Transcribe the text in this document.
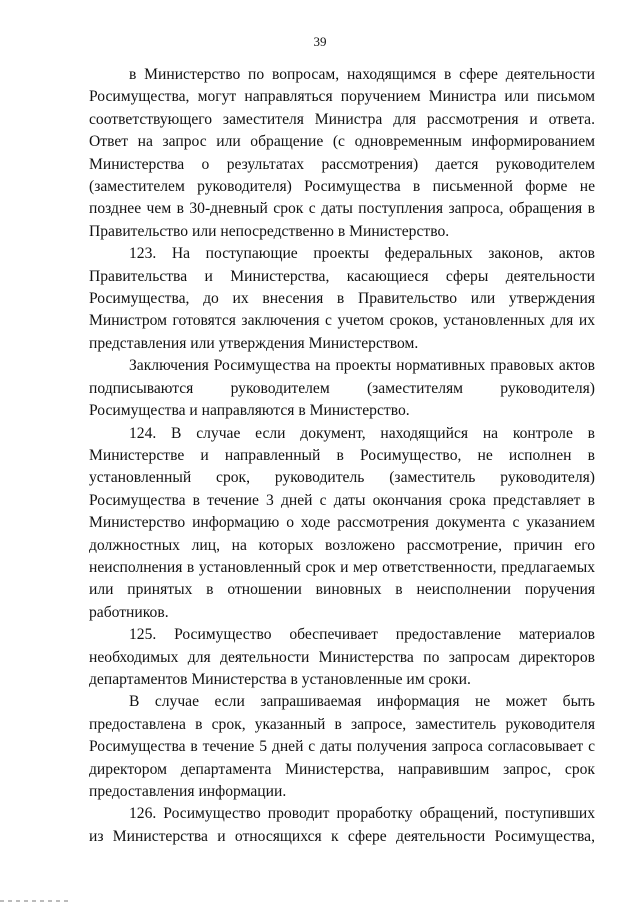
39

в Министерство по вопросам, находящимся в сфере деятельности Росимущества, могут направляться поручением Министра или письмом соответствующего заместителя Министра для рассмотрения и ответа. Ответ на запрос или обращение (с одновременным информированием Министерства о результатах рассмотрения) дается руководителем (заместителем руководителя) Росимущества в письменной форме не позднее чем в 30-дневный срок с даты поступления запроса, обращения в Правительство или непосредственно в Министерство.

123. На поступающие проекты федеральных законов, актов Правительства и Министерства, касающиеся сферы деятельности Росимущества, до их внесения в Правительство или утверждения Министром готовятся заключения с учетом сроков, установленных для их представления или утверждения Министерством.

Заключения Росимущества на проекты нормативных правовых актов подписываются руководителем (заместителям руководителя) Росимущества и направляются в Министерство.

124. В случае если документ, находящийся на контроле в Министерстве и направленный в Росимущество, не исполнен в установленный срок, руководитель (заместитель руководителя) Росимущества в течение 3 дней с даты окончания срока представляет в Министерство информацию о ходе рассмотрения документа с указанием должностных лиц, на которых возложено рассмотрение, причин его неисполнения в установленный срок и мер ответственности, предлагаемых или принятых в отношении виновных в неисполнении поручения работников.

125. Росимущество обеспечивает предоставление материалов необходимых для деятельности Министерства по запросам директоров департаментов Министерства в установленные им сроки.

В случае если запрашиваемая информация не может быть предоставлена в срок, указанный в запросе, заместитель руководителя Росимущества в течение 5 дней с даты получения запроса согласовывает с директором департамента Министерства, направившим запрос, срок предоставления информации.

126. Росимущество проводит проработку обращений, поступивших из Министерства и относящихся к сфере деятельности Росимущества,
